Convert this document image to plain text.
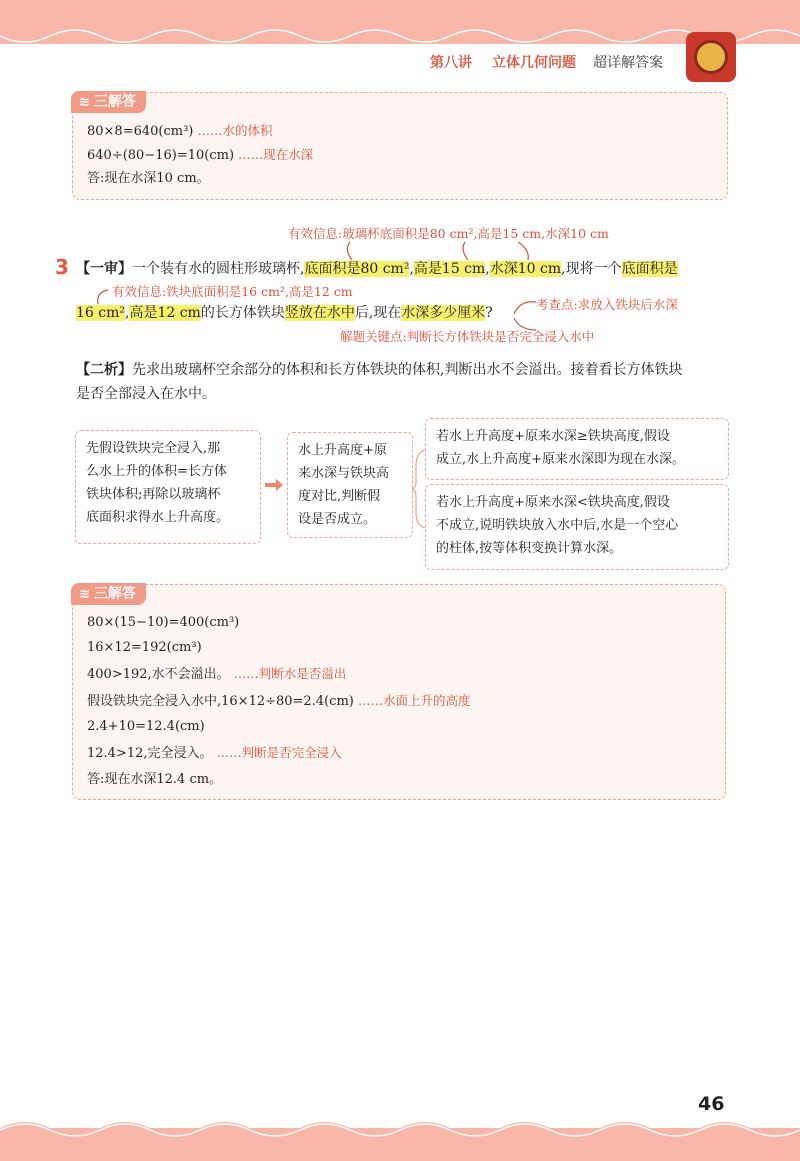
第八讲 立体几何问题 超详解答案
≋ 三解答
80×8=640(cm³) ……水的体积
640÷(80−16)=10(cm) ……现在水深
答:现在水深10 cm。
有效信息:玻璃杯底面积是80 cm²,高是15 cm,水深10 cm
3 【一审】一个装有水的圆柱形玻璃杯,底面积是80 cm²,高是15 cm,水深10 cm,现将一个底面积是
有效信息:铁块底面积是16 cm²,高是12 cm
16 cm²,高是12 cm的长方体铁块竖放在水中后,现在水深多少厘米?
考查点:求放入铁块后水深
解题关键点:判断长方体铁块是否完全浸入水中
【二析】先求出玻璃杯空余部分的体积和长方体铁块的体积,判断出水不会溢出。接着看长方体铁块
是否全部浸入在水中。
先假设铁块完全浸入,那
么水上升的体积=长方体
铁块体积;再除以玻璃杯
底面积求得水上升高度。
水上升高度+原
来水深与铁块高
度对比,判断假
设是否成立。
若水上升高度+原来水深≥铁块高度,假设
成立,水上升高度+原来水深即为现在水深。
若水上升高度+原来水深<铁块高度,假设
不成立,说明铁块放入水中后,水是一个空心
的柱体,按等体积变换计算水深。
≋ 三解答
80×(15−10)=400(cm³)
16×12=192(cm³)
400>192,水不会溢出。 ……判断水是否溢出
假设铁块完全浸入水中,16×12÷80=2.4(cm) ……水面上升的高度
2.4+10=12.4(cm)
12.4>12,完全浸入。 ……判断是否完全浸入
答:现在水深12.4 cm。
46
